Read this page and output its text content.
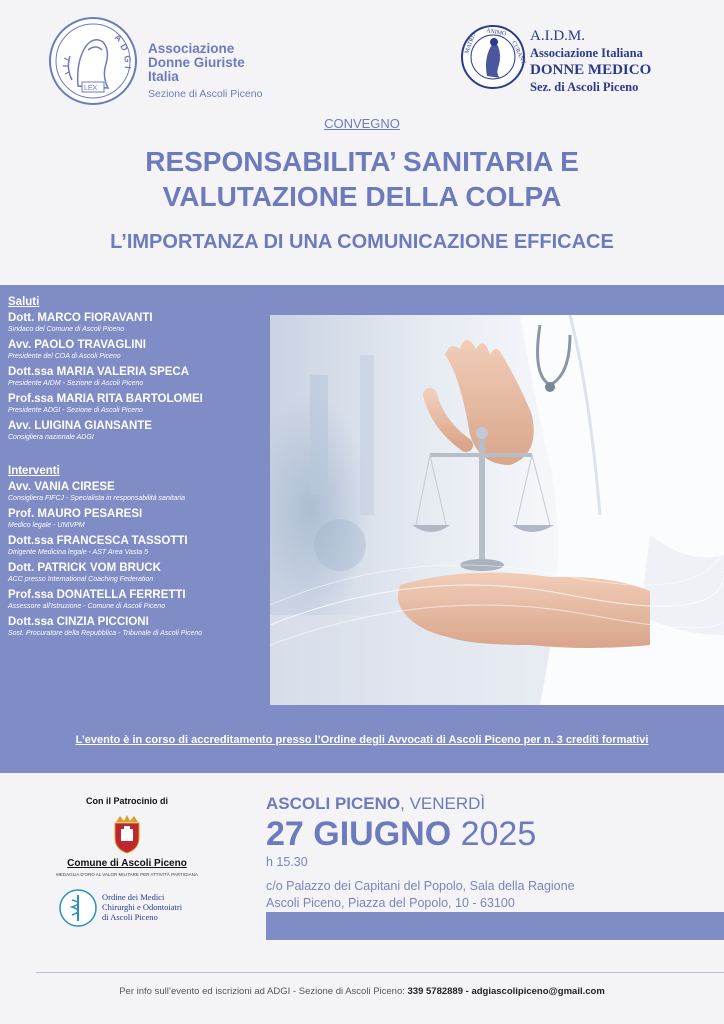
A
D
G
I
LEX
Associazione
Donne Giuriste
Italia
Sezione di Ascoli Piceno
MATRIS ANIMO
CURANT
A.I.D.M.
Associazione Italiana
DONNE MEDICO
Sez. di Ascoli Piceno
CONVEGNO
RESPONSABILITA’ SANITARIA E
VALUTAZIONE DELLA COLPA
L’IMPORTANZA DI UNA COMUNICAZIONE EFFICACE
Saluti
Dott. MARCO FIORAVANTI
Sindaco del Comune di Ascoli Piceno
Avv. PAOLO TRAVAGLINI
Presidente del COA di Ascoli Piceno
Dott.ssa MARIA VALERIA SPECA
Presidente AIDM - Sezione di Ascoli Piceno
Prof.ssa MARIA RITA BARTOLOMEI
Presidente ADGI - Sezione di Ascoli Piceno
Avv. LUIGINA GIANSANTE
Consigliera nazionale ADGI
Interventi
Avv. VANIA CIRESE
Consigliera FIFCJ - Specialista in responsabilità sanitaria
Prof. MAURO PESARESI
Medico legale - UNIVPM
Dott.ssa FRANCESCA TASSOTTI
Dirigente Medicina legale - AST Area Vasta 5
Dott. PATRICK VOM BRUCK
ACC presso International Coaching Federation
Prof.ssa DONATELLA FERRETTI
Assessore all'Istruzione - Comune di Ascoli Piceno
Dott.ssa CINZIA PICCIONI
Sost. Procuratore della Repubblica - Tribunale di Ascoli Piceno
L’evento è in corso di accreditamento presso l’Ordine degli Avvocati di Ascoli Piceno per n. 3 crediti formativi
Con il Patrocinio di
Comune di Ascoli Piceno
MEDAGLIA D'ORO AL VALOR MILITARE PER ATTIVITÀ PARTIGIANA
Ordine dei Medici
Chirurghi e Odontoiatri
di Ascoli Piceno
ASCOLI PICENO, VENERDÌ
27 GIUGNO 2025
h 15.30
c/o Palazzo dei Capitani del Popolo, Sala della Ragione
Ascoli Piceno, Piazza del Popolo, 10 - 63100
Per info sull’evento ed iscrizioni ad ADGI - Sezione di Ascoli Piceno: 339 5782889 - adgiascolipiceno@gmail.com
